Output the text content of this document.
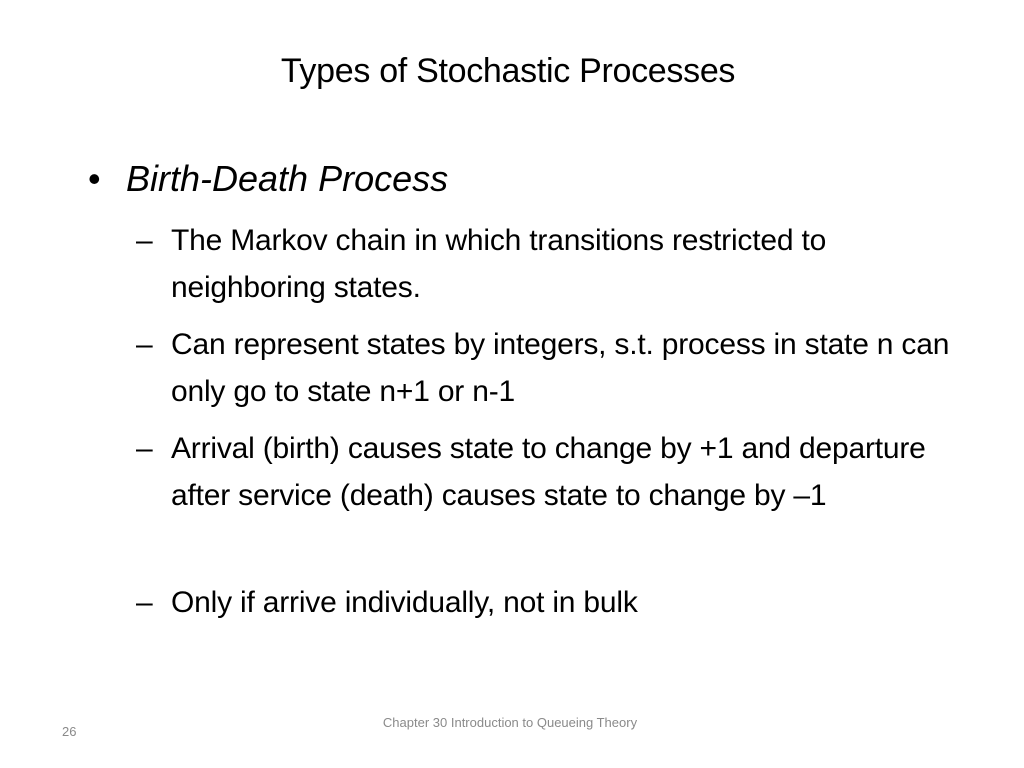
Types of Stochastic Processes
• Birth-Death Process
– The Markov chain in which transitions restricted to neighboring states.
– Can represent states by integers, s.t. process in state n can only go to state n+1 or n-1
– Arrival (birth) causes state to change by +1 and departure after service (death) causes state to change by –1
– Only if arrive individually, not in bulk
26
Chapter 30 Introduction to Queueing Theory
